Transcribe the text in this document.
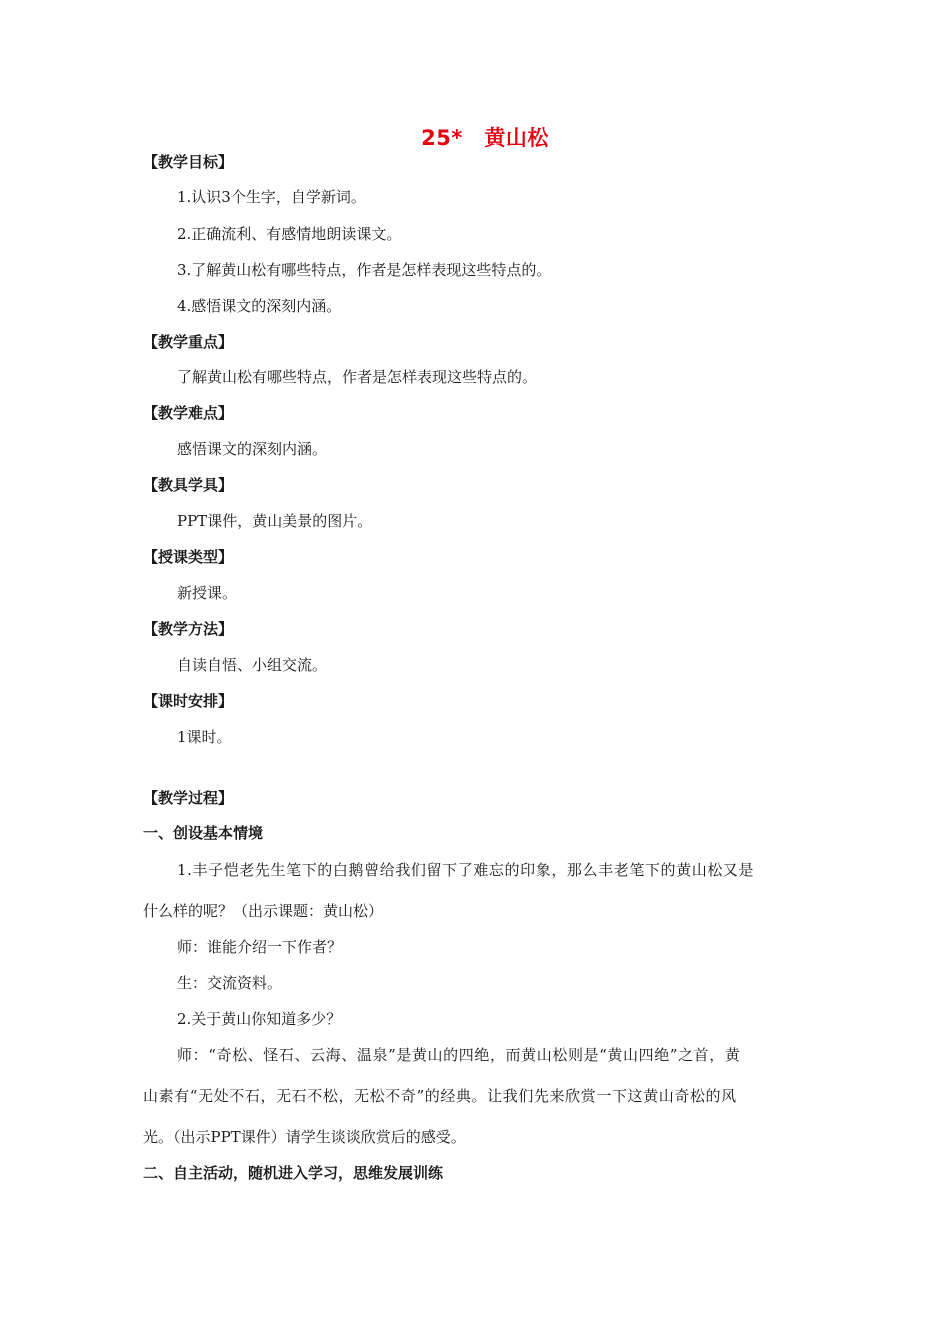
25*　黄山松
【教学目标】
1.认识3个生字，自学新词。
2.正确流利、有感情地朗读课文。
3.了解黄山松有哪些特点，作者是怎样表现这些特点的。
4.感悟课文的深刻内涵。
【教学重点】
了解黄山松有哪些特点，作者是怎样表现这些特点的。
【教学难点】
感悟课文的深刻内涵。
【教具学具】
PPT课件，黄山美景的图片。
【授课类型】
新授课。
【教学方法】
自读自悟、小组交流。
【课时安排】
1课时。
【教学过程】
一、创设基本情境
1.丰子恺老先生笔下的白鹅曾给我们留下了难忘的印象，那么丰老笔下的黄山松又是
什么样的呢？（出示课题：黄山松）
师：谁能介绍一下作者？
生：交流资料。
2.关于黄山你知道多少？
师：“奇松、怪石、云海、温泉”是黄山的四绝，而黄山松则是“黄山四绝”之首，黄
山素有“无处不石，无石不松，无松不奇”的经典。让我们先来欣赏一下这黄山奇松的风
光。（出示PPT课件）请学生谈谈欣赏后的感受。
二、自主活动，随机进入学习，思维发展训练
